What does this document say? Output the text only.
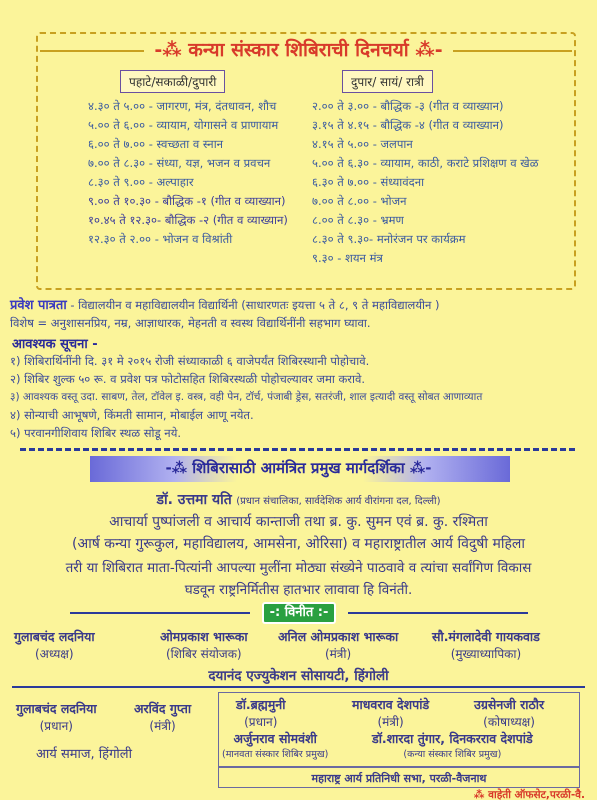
-⁂ कन्या संस्कार शिबिराची दिनचर्या ⁂-
पहाटे/सकाळी/दुपारी	दुपार/ सायं/ रात्री
४.३० ते ५.०० - जागरण, मंत्र, दंतधावन, शौच
५.०० ते ६.०० - व्यायाम, योगासने व प्राणायाम
६.०० ते ७.०० - स्वच्छता व स्नान
७.०० ते ८.३० - संध्या, यज्ञ, भजन व प्रवचन
८.३० ते ९.०० - अल्पाहार
९.०० ते १०.३० - बौद्धिक -१ (गीत व व्याख्यान)
१०.४५ ते १२.३०- बौद्धिक -२ (गीत व व्याख्यान)
१२.३० ते २.०० - भोजन व विश्रांती
२.०० ते ३.०० - बौद्धिक -३ (गीत व व्याख्यान)
३.१५ ते ४.१५ - बौद्धिक -४ (गीत व व्याख्यान)
४.१५ ते ५.०० - जलपान
५.०० ते ६.३० - व्यायाम, काठी, कराटे प्रशिक्षण व खेळ
६.३० ते ७.०० - संध्यावंदना
७.०० ते ८.०० - भोजन
८.०० ते ८.३० - भ्रमण
८.३० ते ९.३०- मनोरंजन पर कार्यक्रम
९.३० - शयन मंत्र
प्रवेश पात्रता - विद्यालयीन व महाविद्यालयीन विद्यार्थिनी (साधारणतः इयत्ता ५ ते ८, ९ ते महाविद्यालयीन )
विशेष = अनुशासनप्रिय, नम्र, आज्ञाधारक, मेहनती व स्वस्थ विद्यार्थिनींनी सहभाग घ्यावा.
आवश्यक सूचना -
१) शिबिरार्थिनींनी दि. ३१ मे २०१५ रोजी संध्याकाळी ६ वाजेपर्यंत शिबिरस्थानी पोहोचावे.
२) शिबिर शुल्क ५० रू. व प्रवेश पत्र फोटोसहित शिबिरस्थळी पोहोचल्यावर जमा करावे.
३) आवश्यक वस्तू उदा. साबण, तेल, टॉवेल इ. वस्त्र, वही पेन, टॉर्च, पंजाबी ड्रेस, सतरंजी, शाल इत्यादी वस्तू सोबत आणाव्यात
४) सोन्याची आभूषणे, किंमती सामान, मोबाईल आणू नयेत.
५) परवानगीशिवाय शिबिर स्थळ सोडू नये.
-⁂ शिबिरासाठी आमंत्रित प्रमुख मार्गदर्शिका ⁂-
डॉ. उत्तमा यति (प्रधान संचालिका, सार्वदेशिक आर्य वीरांगना दल, दिल्ली)
आचार्या पुष्पांजली व आचार्य कान्ताजी तथा ब्र. कु. सुमन एवं ब्र. कु. रश्मिता
(आर्ष कन्या गुरूकुल, महाविद्यालय, आमसेना, ओरिसा) व महाराष्ट्रातील आर्य विदुषी महिला
तरी या शिबिरात माता-पित्यांनी आपल्या मुलींना मोठ्या संख्येने पाठवावे व त्यांचा सर्वांगिण विकास
घडवून राष्ट्रनिर्मितीस हातभार लावावा हि विनंती.
-: विनीत :-
गुलाबचंद लदनिया
(अध्यक्ष)
ओमप्रकाश भारूका
(शिबिर संयोजक)
अनिल ओमप्रकाश भारूका
(मंत्री)
सौ.मंगलादेवी गायकवाड
(मुख्याध्यापिका)
दयानंद एज्युकेशन सोसायटी, हिंगोली
गुलाबचंद लदनिया
(प्रधान)
अरविंद गुप्ता
(मंत्री)
आर्य समाज, हिंगोली
डॉ.ब्रह्ममुनी
(प्रधान)
माधवराव देशपांडे
(मंत्री)
उग्रसेनजी राठौर
(कोषाध्यक्ष)
अर्जुनराव सोमवंशी
(मानवता संस्कार शिबिर प्रमुख)
डॉ.शारदा तुंगार, दिनकरराव देशपांडे
(कन्या संस्कार शिबिर प्रमुख)
महाराष्ट्र आर्य प्रतिनिधी सभा, परळी-वैजनाथ
⁂ वाहेती ऑफसेट,परळी-वै.
